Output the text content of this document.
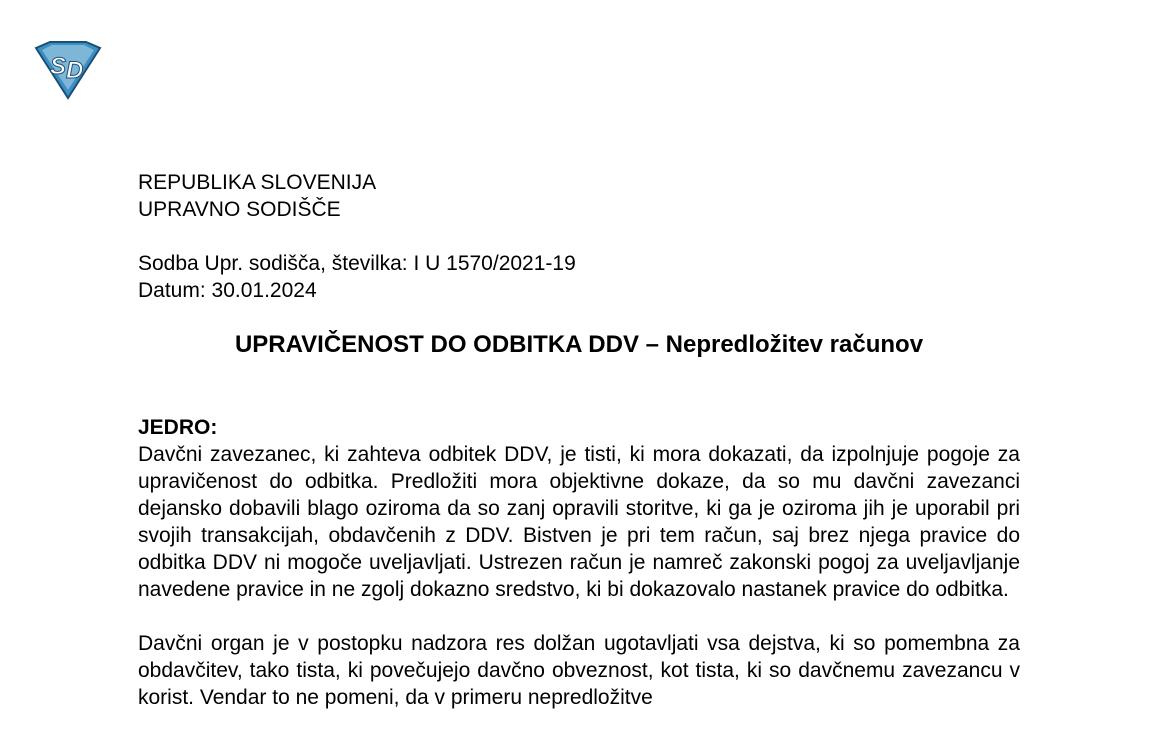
S D
REPUBLIKA SLOVENIJA
UPRAVNO SODIŠČE
Sodba Upr. sodišča, številka: I U 1570/2021-19
Datum: 30.01.2024
UPRAVIČENOST DO ODBITKA DDV – Nepredložitev računov
JEDRO:

Davčni zavezanec, ki zahteva odbitek DDV, je tisti, ki mora dokazati, da izpolnjuje pogoje za upravičenost do odbitka. Predložiti mora objektivne dokaze, da so mu davčni zavezanci dejansko dobavili blago oziroma da so zanj opravili storitve, ki ga je oziroma jih je uporabil pri svojih transakcijah, obdavčenih z DDV. Bistven je pri tem račun, saj brez njega pravice do odbitka DDV ni mogoče uveljavljati. Ustrezen račun je namreč zakonski pogoj za uveljavljanje navedene pravice in ne zgolj dokazno sredstvo, ki bi dokazovalo nastanek pravice do odbitka.

Davčni organ je v postopku nadzora res dolžan ugotavljati vsa dejstva, ki so pomembna za obdavčitev, tako tista, ki povečujejo davčno obveznost, kot tista, ki so davčnemu zavezancu v korist. Vendar to ne pomeni, da v primeru nepredložitve
